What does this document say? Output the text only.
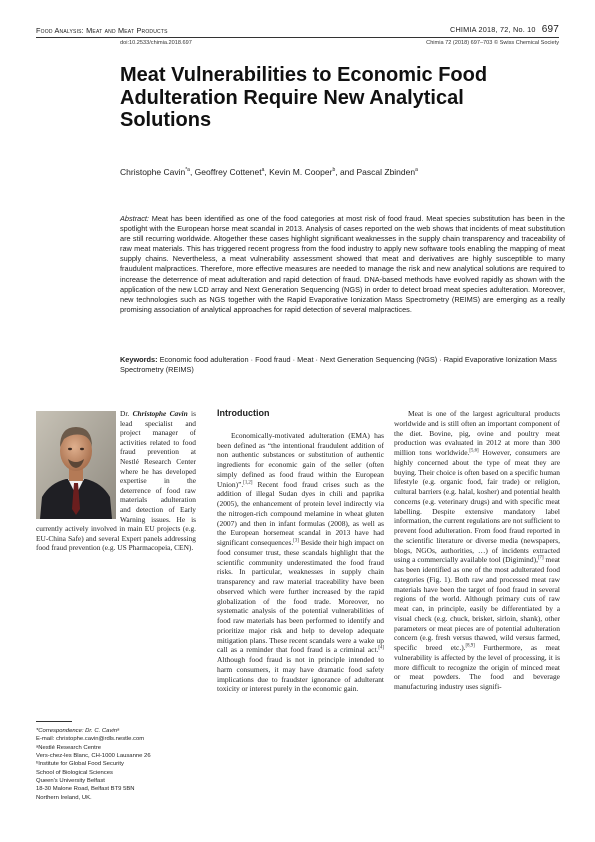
Food Analysis: Meat and Meat Products	CHIMIA 2018, 72, No. 10 697
doi:10.2533/chimia.2018.697	Chimia 72 (2018) 697–703 © Swiss Chemical Society
Meat Vulnerabilities to Economic Food Adulteration Require New Analytical Solutions
Christophe Cavin$^{*a}$, Geoffrey Cottenet$^a$, Kevin M. Cooper$^b$, and Pascal Zbinden$^a$
Abstract: Meat has been identified as one of the food categories at most risk of food fraud. Meat species substitution has been in the spotlight with the European horse meat scandal in 2013. Analysis of cases reported on the web shows that incidents of meat substitution are still recurring worldwide. Altogether these cases highlight significant weaknesses in the supply chain transparency and traceability of raw meat materials. This has triggered recent progress from the food industry to apply new software tools enabling the mapping of meat supply chains. Nevertheless, a meat vulnerability assessment showed that meat and derivatives are highly susceptible to many fraudulent malpractices. Therefore, more effective measures are needed to manage the risk and new analytical solutions are required to increase the deterrence of meat adulteration and rapid detection of fraud. DNA-based methods have evolved rapidly as shown with the application of the new LCD array and Next Generation Sequencing (NGS) in order to detect broad meat species adulteration. Moreover, new technologies such as NGS together with the Rapid Evaporative Ionization Mass Spectrometry (REIMS) are emerging as a really promising association of analytical approaches for rapid detection of several malpractices.
Keywords: Economic food adulteration · Food fraud · Meat · Next Generation Sequencing (NGS) · Rapid Evaporative Ionization Mass Spectrometry (REIMS)
Dr. Christophe Cavin is lead specialist and project manager of activities related to food fraud prevention at Nestlé Research Center where he has developed expertise in the deterrence of food raw materials adulteration and detection of Early Warning issues. He is currently actively involved in main EU projects (e.g. EU-China Safe) and several Expert panels addressing food fraud prevention (e.g. US Pharmacopeia, CEN).
*Correspondence: Dr. C. Cavinᵃ
E-mail: christophe.cavin@rdls.nestle.com
ᵃNestlé Research Centre
Vers-chez-les Blanc, CH-1000 Lausanne 26
ᵇInstitute for Global Food Security
School of Biological Sciences
Queen's University Belfast
18-30 Malone Road, Belfast BT9 5BN
Northern Ireland, UK.
Introduction

Economically-motivated adulteration (EMA) has been defined as “the intentional fraudulent addition of non authentic substances or substitution of authentic ingredients for economic gain of the seller (often simply defined as food fraud within the European Union)”.[1,2] Recent food fraud crises such as the addition of illegal Sudan dyes in chili and paprika (2005), the enhancement of protein level indirectly via the nitrogen-rich compound melamine in wheat gluten (2007) and then in infant formulas (2008), as well as the European horsemeat scandal in 2013 have had significant consequences.[3] Beside their high impact on food consumer trust, these scandals highlight that the scientific community underestimated the food fraud risks. In particular, weaknesses in supply chain transparency and raw material traceability have been observed which were further increased by the rapid globalization of the food trade. Moreover, no systematic analysis of the potential vulnerabilities of food raw materials has been performed to identify and prioritize major risk and help to develop adequate mitigation plans. These recent scandals were a wake up call as a reminder that food fraud is a criminal act.[4] Although food fraud is not in principle intended to harm consumers, it may have dramatic food safety implications due to fraudster ignorance of adulterant toxicity or interest purely in the economic gain.

Meat is one of the largest agricultural products worldwide and is still often an important component of the diet. Bovine, pig, ovine and poultry meat production was evaluated in 2012 at more than 300 million tons worldwide.[5,6] However, consumers are highly concerned about the type of meat they are buying. Their choice is often based on a specific human lifestyle (e.g. organic food, fair trade) or religion, cultural barriers (e.g. halal, kosher) and potential health concerns (e.g. veterinary drugs) and with specific meat labelling. Despite extensive mandatory label information, the current regulations are not sufficient to prevent food adulteration. From food fraud reported in the scientific literature or diverse media (newspapers, blogs, NGOs, authorities, …) of incidents extracted using a commercially available tool (Digimind),[7] meat has been identified as one of the most adulterated food categories (Fig. 1). Both raw and processed meat raw materials have been the target of food fraud in several regions of the world. Although primary cuts of raw meat can, in principle, easily be differentiated by a visual check (e.g. chuck, brisket, sirloin, shank), other parameters or meat pieces are of potential adulteration concern (e.g. fresh versus thawed, wild versus farmed, specific breed etc.).[8,9] Furthermore, as meat vulnerability is affected by the level of processing, it is more difficult to recognize the origin of minced meat or meat powders. The food and beverage manufacturing industry uses signifi-
